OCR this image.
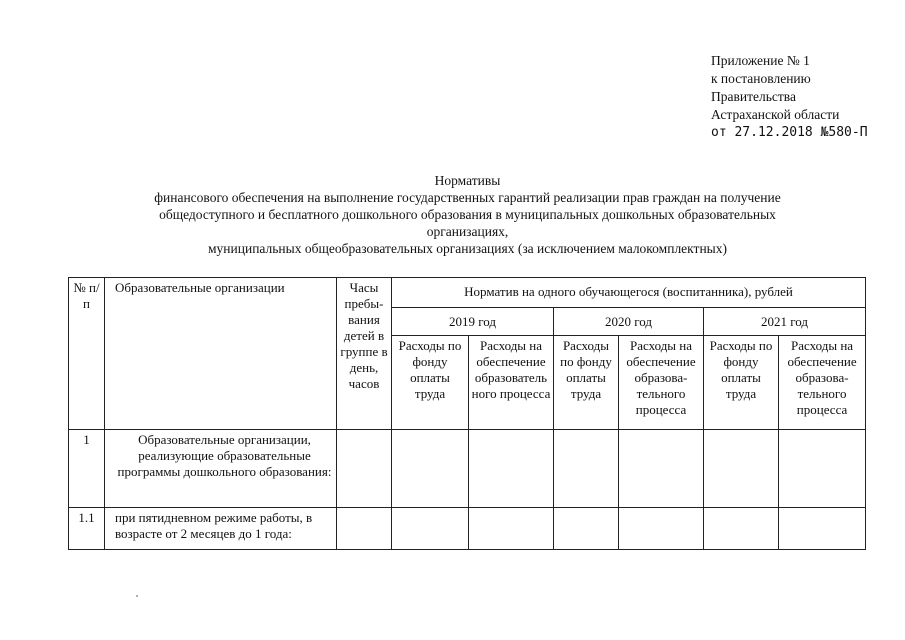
Приложение № 1
к постановлению
Правительства
Астраханской области
от 27.12.2018 №580-П
Нормативы
финансового обеспечения на выполнение государственных гарантий реализации прав граждан на получение
общедоступного и бесплатного дошкольного образования в муниципальных дошкольных образовательных
организациях,
муниципальных общеобразовательных организациях (за исключением малокомплектных)
№ п/п	Образовательные организации	Часы пребы-вания детей в группе в день, часов	Норматив на одного обучающегося (воспитанника), рублей					
			2019 год		2020 год		2021 год	
			Расходы по фонду оплаты труда	Расходы на обеспечение образователь ного процесса	Расходы по фонду оплаты труда	Расходы на обеспечение образова-тельного процесса	Расходы по фонду оплаты труда	Расходы на обеспечение образова-тельного процесса
1	Образовательные организации, реализующие образовательные программы дошкольного образования:							
1.1	при пятидневном режиме работы, в возрасте от 2 месяцев до 1 года:							
